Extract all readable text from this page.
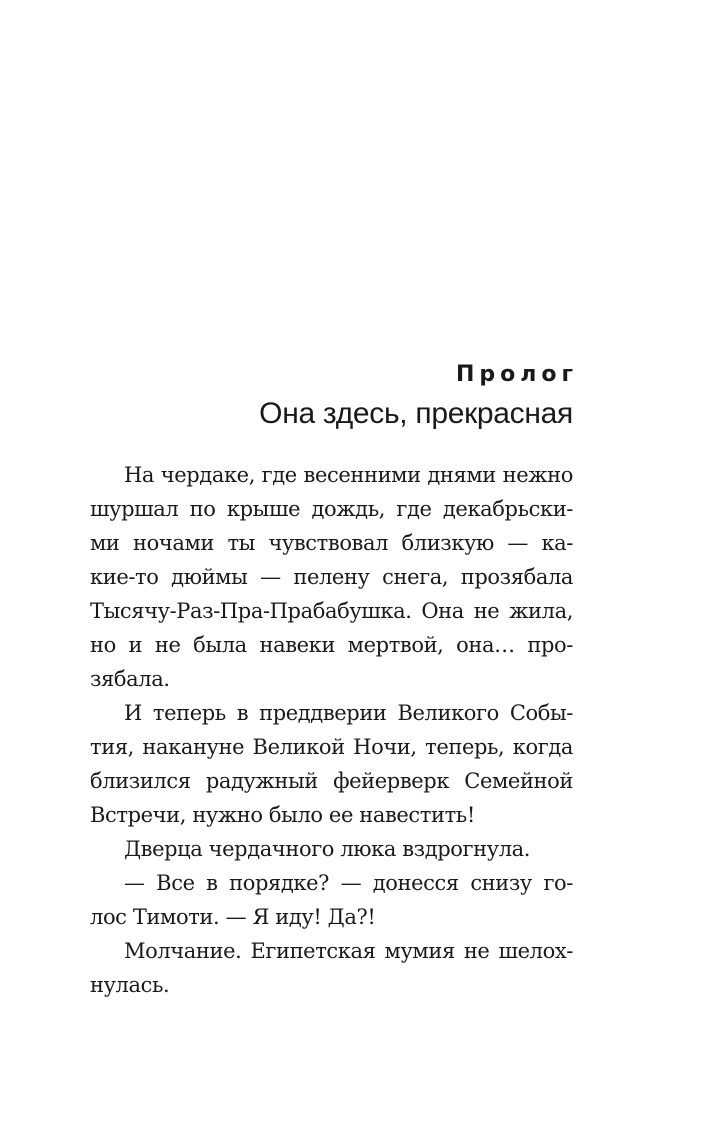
Пролог
Она здесь, прекрасная
На чердаке, где весенними днями нежно
шуршал по крыше дождь, где декабрьски-
ми ночами ты чувствовал близкую — ка-
кие-то дюймы — пелену снега, прозябала
Тысячу-Раз-Пра-Прабабушка. Она не жила,
но и не была навеки мертвой, она… про-
зябала.
И теперь в преддверии Великого Собы-
тия, накануне Великой Ночи, теперь, когда
близился радужный фейерверк Семейной
Встречи, нужно было ее навестить!
Дверца чердачного люка вздрогнула.
— Все в порядке? — донесся снизу го-
лос Тимоти. — Я иду! Да?!
Молчание. Египетская мумия не шелох-
нулась.
